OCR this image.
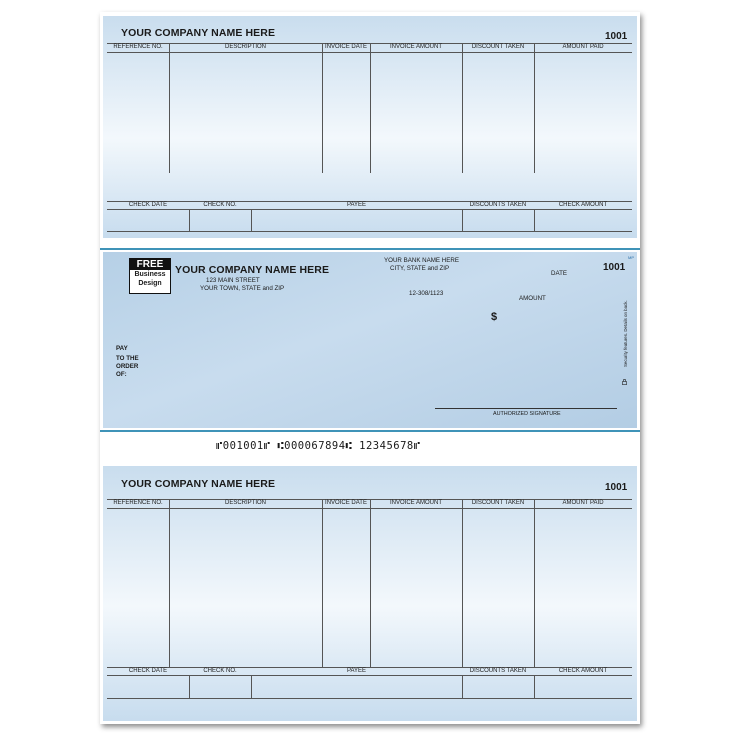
YOUR COMPANY NAME HERE	1001
REFERENCE NO.	DESCRIPTION	INVOICE DATE	INVOICE AMOUNT	DISCOUNT TAKEN	AMOUNT PAID
CHECK DATE	CHECK NO.	PAYEE	DISCOUNTS TAKEN	CHECK AMOUNT
FREE
Business
Design
YOUR COMPANY NAME HERE
123 MAIN STREET
YOUR TOWN, STATE and ZIP
YOUR BANK NAME HERE
CITY, STATE and ZIP
12-308/1123
1001
MP
DATE
AMOUNT
$
PAY
TO THE
ORDER
OF:
AUTHORIZED SIGNATURE
Security features. Details on back.
⑈001001⑈ ⑆000067894⑆ 12345678⑈
YOUR COMPANY NAME HERE	1001
REFERENCE NO.	DESCRIPTION	INVOICE DATE	INVOICE AMOUNT	DISCOUNT TAKEN	AMOUNT PAID
CHECK DATE	CHECK NO.	PAYEE	DISCOUNTS TAKEN	CHECK AMOUNT
